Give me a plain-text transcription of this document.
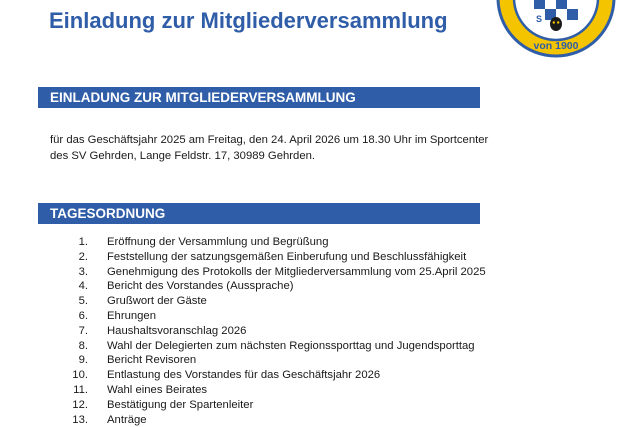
Einladung zur Mitgliederversammlung	S
von 1900
EINLADUNG ZUR MITGLIEDERVERSAMMLUNG

für das Geschäftsjahr 2025 am Freitag, den 24. April 2026 um 18.30 Uhr im Sportcenter
des SV Gehrden, Lange Feldstr. 17, 30989 Gehrden.

TAGESORDNUNG
1. Eröffnung der Versammlung und Begrüßung
2. Feststellung der satzungsgemäßen Einberufung und Beschlussfähigkeit
3. Genehmigung des Protokolls der Mitgliederversammlung vom 25.April 2025
4. Bericht des Vorstandes (Aussprache)
5. Grußwort der Gäste
6. Ehrungen
7. Haushaltsvoranschlag 2026
8. Wahl der Delegierten zum nächsten Regionssporttag und Jugendsporttag
9. Bericht Revisoren
10. Entlastung des Vorstandes für das Geschäftsjahr 2026
11. Wahl eines Beirates
12. Bestätigung der Spartenleiter
13. Anträge
